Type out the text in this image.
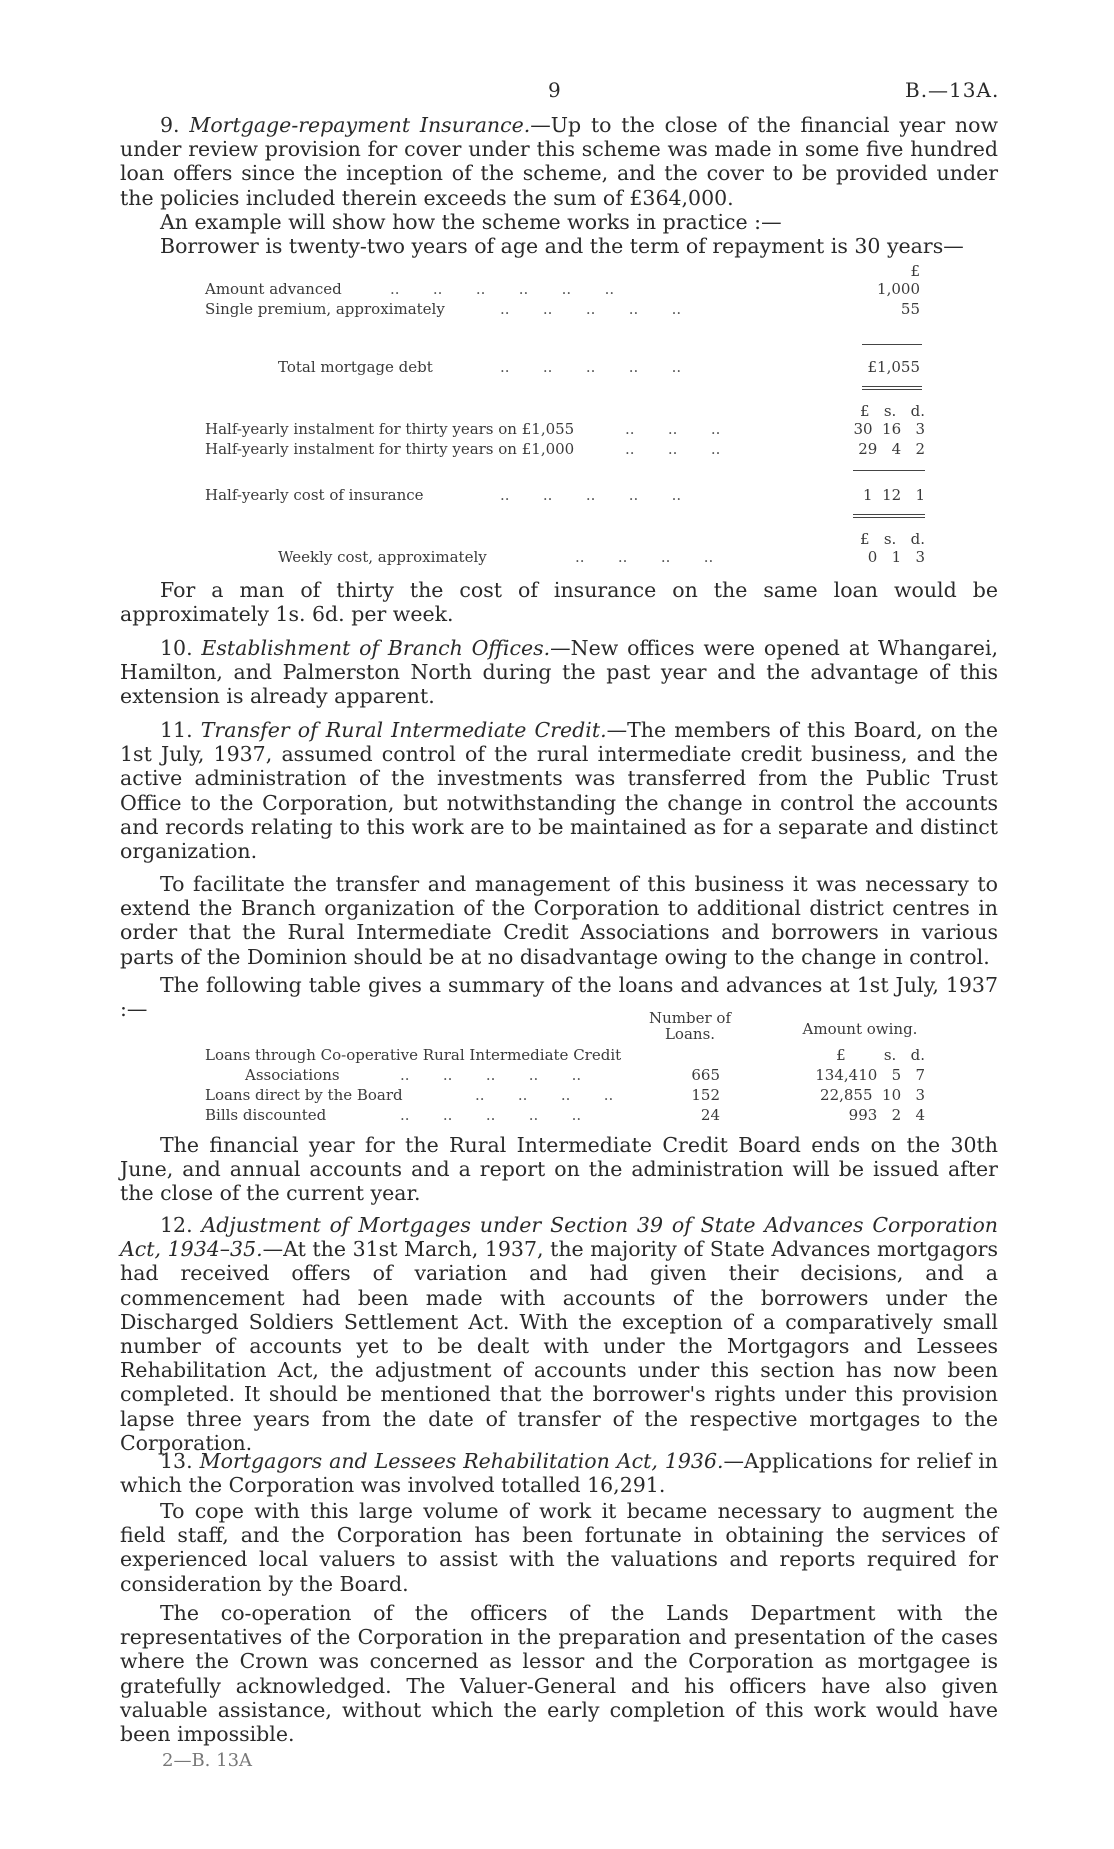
9	B.—13A.

9. Mortgage-repayment Insurance.—Up to the close of the financial year now under review provision for cover under this scheme was made in some five hundred loan offers since the inception of the scheme, and the cover to be provided under the policies included therein exceeds the sum of £364,000.

An example will show how the scheme works in practice :—

Borrower is twenty-two years of age and the term of repayment is 30 years—

£
Amount advanced	..       ..       ..       ..       ..       ..	1,000
Single premium, approximately	..       ..       ..       ..       ..	55
Total mortgage debt	..       ..       ..       ..       ..	£1,055
£   s.   d.
Half-yearly instalment for thirty years on £1,055	..       ..       ..	30  16   3
Half-yearly instalment for thirty years on £1,000	..       ..       ..	29   4   2
Half-yearly cost of insurance	..       ..       ..       ..       ..	1  12   1
£   s.   d.
Weekly cost, approximately	..       ..       ..       ..	0   1   3

For a man of thirty the cost of insurance on the same loan would be approximately 1s. 6d. per week.

10. Establishment of Branch Offices.—New offices were opened at Whangarei, Hamilton, and Palmerston North during the past year and the advantage of this extension is already apparent.

11. Transfer of Rural Intermediate Credit.—The members of this Board, on the 1st July, 1937, assumed control of the rural intermediate credit business, and the active administration of the investments was transferred from the Public Trust Office to the Corporation, but notwithstanding the change in control the accounts and records relating to this work are to be maintained as for a separate and distinct organization.

To facilitate the transfer and management of this business it was necessary to extend the Branch organization of the Corporation to additional district centres in order that the Rural Intermediate Credit Associations and borrowers in various parts of the Dominion should be at no disadvantage owing to the change in control.

The following table gives a summary of the loans and advances at 1st July, 1937 :—	Number of
Loans.	Amount owing.
£        s.   d.
Loans through Co-operative Rural Intermediate Credit
Associations	..       ..       ..       ..       ..	665	134,410   5   7
Loans direct by the Board	..       ..       ..       ..	152	22,855  10   3
Bills discounted	..       ..       ..       ..       ..	24	993   2   4

The financial year for the Rural Intermediate Credit Board ends on the 30th June, and annual accounts and a report on the administration will be issued after the close of the current year.

12. Adjustment of Mortgages under Section 39 of State Advances Corporation Act, 1934–35.—At the 31st March, 1937, the majority of State Advances mortgagors had received offers of variation and had given their decisions, and a commencement had been made with accounts of the borrowers under the Discharged Soldiers Settlement Act. With the exception of a comparatively small number of accounts yet to be dealt with under the Mortgagors and Lessees Rehabilitation Act, the adjustment of accounts under this section has now been completed. It should be mentioned that the borrower's rights under this provision lapse three years from the date of transfer of the respective mortgages to the Corporation.

13. Mortgagors and Lessees Rehabilitation Act, 1936.—Applications for relief in which the Corporation was involved totalled 16,291.

To cope with this large volume of work it became necessary to augment the field staff, and the Corporation has been fortunate in obtaining the services of experienced local valuers to assist with the valuations and reports required for consideration by the Board.

The co-operation of the officers of the Lands Department with the representatives of the Corporation in the preparation and presentation of the cases where the Crown was concerned as lessor and the Corporation as mortgagee is gratefully acknowledged. The Valuer-General and his officers have also given valuable assistance, without which the early completion of this work would have been impossible.

2—B. 13A
